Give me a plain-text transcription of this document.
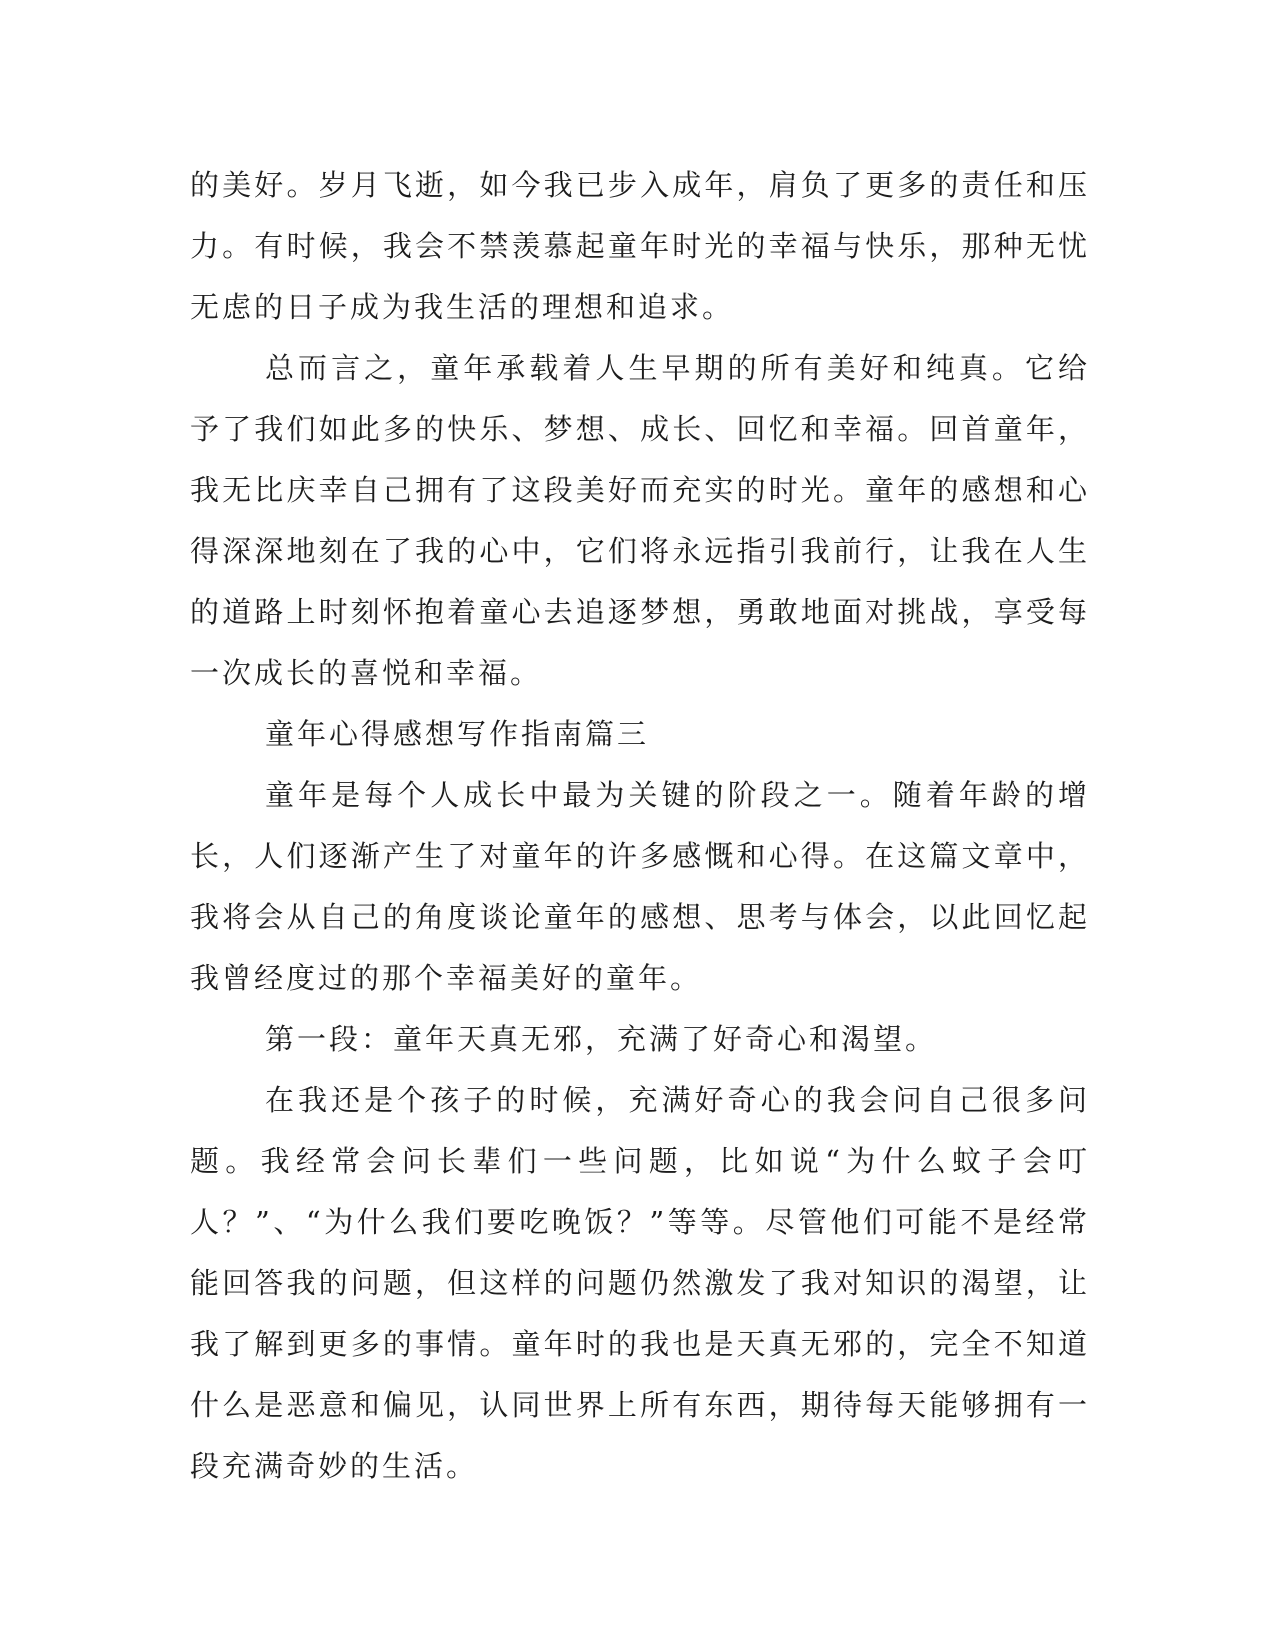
的美好。岁月飞逝，如今我已步入成年，肩负了更多的责任和压力。有时候，我会不禁羡慕起童年时光的幸福与快乐，那种无忧无虑的日子成为我生活的理想和追求。

总而言之，童年承载着人生早期的所有美好和纯真。它给予了我们如此多的快乐、梦想、成长、回忆和幸福。回首童年，我无比庆幸自己拥有了这段美好而充实的时光。童年的感想和心得深深地刻在了我的心中，它们将永远指引我前行，让我在人生的道路上时刻怀抱着童心去追逐梦想，勇敢地面对挑战，享受每一次成长的喜悦和幸福。

童年心得感想写作指南篇三

童年是每个人成长中最为关键的阶段之一。随着年龄的增长，人们逐渐产生了对童年的许多感慨和心得。在这篇文章中，我将会从自己的角度谈论童年的感想、思考与体会，以此回忆起我曾经度过的那个幸福美好的童年。

第一段：童年天真无邪，充满了好奇心和渴望。

在我还是个孩子的时候，充满好奇心的我会问自己很多问题。我经常会问长辈们一些问题，比如说“为什么蚊子会叮人？”、“为什么我们要吃晚饭？”等等。尽管他们可能不是经常能回答我的问题，但这样的问题仍然激发了我对知识的渴望，让我了解到更多的事情。童年时的我也是天真无邪的，完全不知道什么是恶意和偏见，认同世界上所有东西，期待每天能够拥有一段充满奇妙的生活。
